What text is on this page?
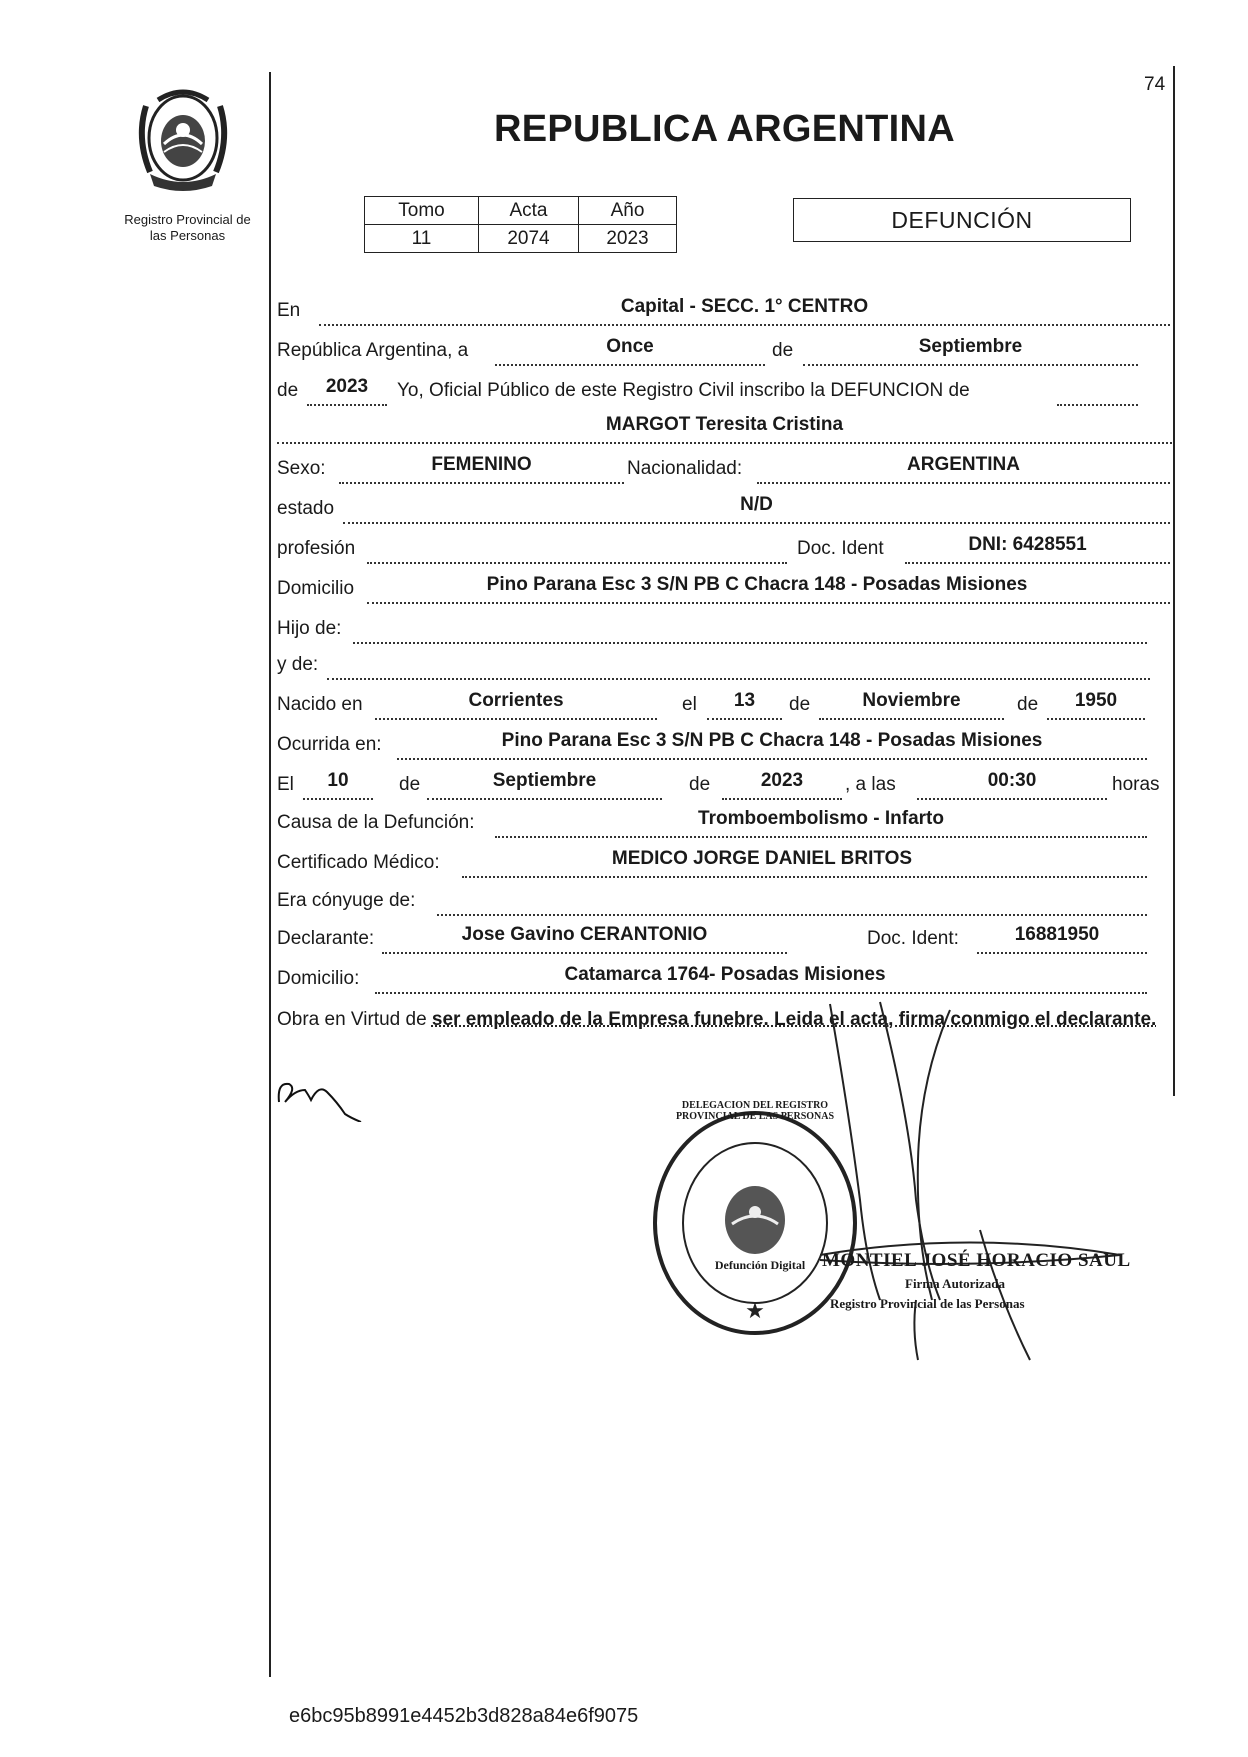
Registro Provincial de
las Personas
74
REPUBLICA ARGENTINA
Tomo	Acta	Año
11	2074	2023
DEFUNCIÓN
En	Capital - SECC. 1° CENTRO
República Argentina, a	Once	de	Septiembre
de	2023	Yo, Oficial Público de este Registro Civil inscribo la DEFUNCION de
MARGOT Teresita Cristina
Sexo:	FEMENINO	Nacionalidad:	ARGENTINA
estado	N/D
profesión	Doc. Ident	DNI: 6428551
Domicilio	Pino Parana Esc 3 S/N PB C Chacra 148 - Posadas Misiones
Hijo de:
y de:
Nacido en	Corrientes	el	13	de	Noviembre	de	1950
Ocurrida en:	Pino Parana Esc 3 S/N PB C Chacra 148 - Posadas Misiones
El	10	de	Septiembre	de	2023	, a las	00:30	horas
Causa de la Defunción:	Tromboembolismo - Infarto
Certificado Médico:	MEDICO JORGE DANIEL BRITOS
Era cónyuge de:
Declarante:	Jose Gavino CERANTONIO	Doc. Ident:	16881950
Domicilio:	Catamarca 1764- Posadas Misiones
Obra en Virtud de ser empleado de la Empresa funebre. Leida el acta, firma conmigo el declarante.
★
DELEGACION DEL REGISTRO PROVINCIAL DE LAS PERSONAS
Defunción Digital MONTIEL JOSÉ HORACIO SAUL
Firma Autorizada
Registro Provincial de las Personas
e6bc95b8991e4452b3d828a84e6f9075
